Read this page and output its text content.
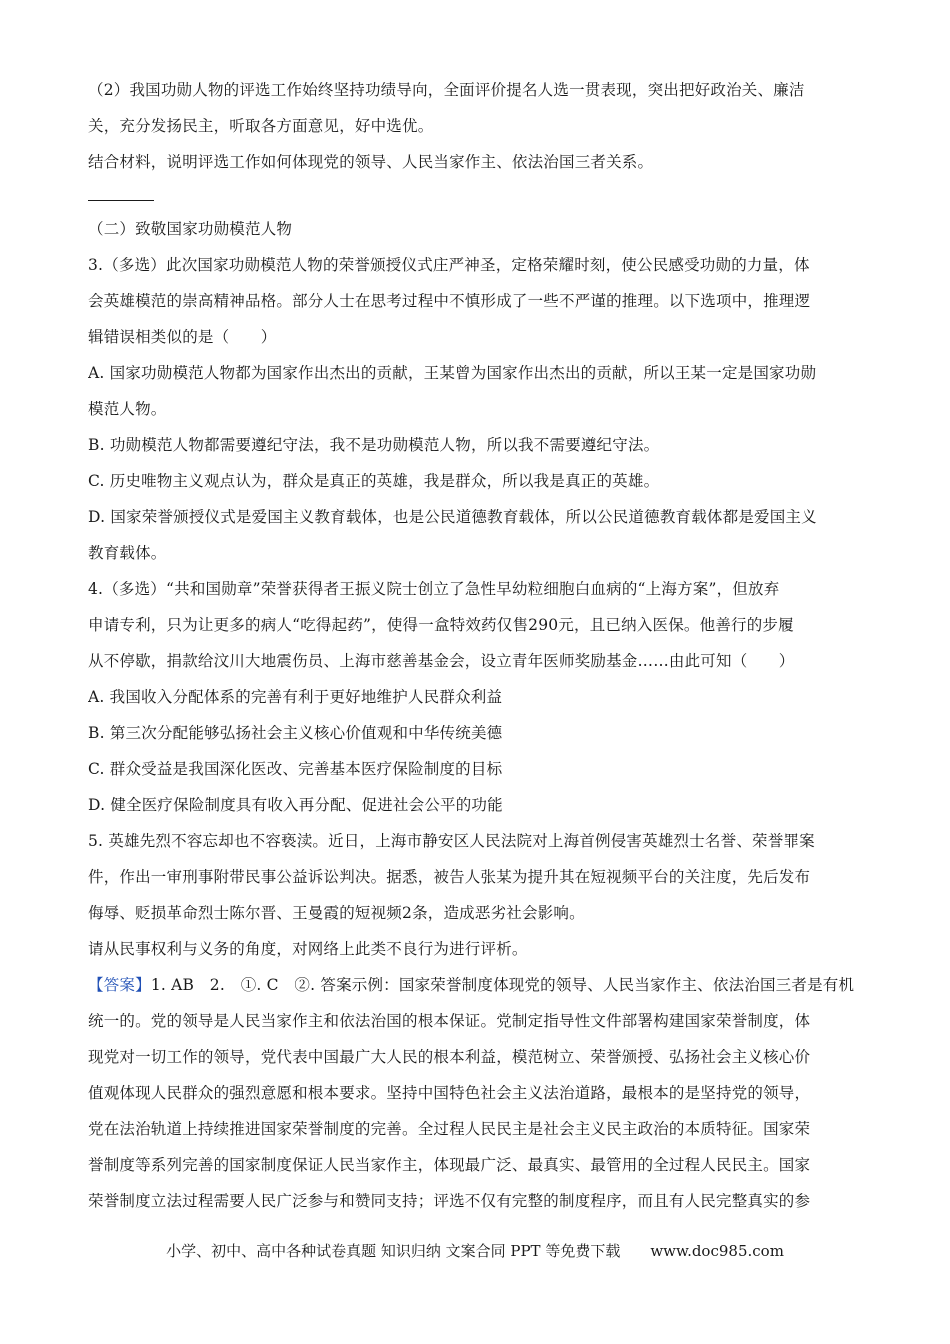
（2）我国功勋人物的评选工作始终坚持功绩导向，全面评价提名人选一贯表现，突出把好政治关、廉洁
关，充分发扬民主，听取各方面意见，好中选优。
结合材料，说明评选工作如何体现党的领导、人民当家作主、依法治国三者关系。
（二）致敬国家功勋模范人物
3.（多选）此次国家功勋模范人物的荣誉颁授仪式庄严神圣，定格荣耀时刻，使公民感受功勋的力量，体
会英雄模范的崇高精神品格。部分人士在思考过程中不慎形成了一些不严谨的推理。以下选项中，推理逻
辑错误相类似的是（　　）
A. 国家功勋模范人物都为国家作出杰出的贡献，王某曾为国家作出杰出的贡献，所以王某一定是国家功勋
模范人物。
B. 功勋模范人物都需要遵纪守法，我不是功勋模范人物，所以我不需要遵纪守法。
C. 历史唯物主义观点认为，群众是真正的英雄，我是群众，所以我是真正的英雄。
D. 国家荣誉颁授仪式是爱国主义教育载体，也是公民道德教育载体，所以公民道德教育载体都是爱国主义
教育载体。
4.（多选）“共和国勋章”荣誉获得者王振义院士创立了急性早幼粒细胞白血病的“上海方案”，但放弃
申请专利，只为让更多的病人“吃得起药”，使得一盒特效药仅售290元，且已纳入医保。他善行的步履
从不停歇，捐款给汶川大地震伤员、上海市慈善基金会，设立青年医师奖励基金……由此可知（　　）
A. 我国收入分配体系的完善有利于更好地维护人民群众利益
B. 第三次分配能够弘扬社会主义核心价值观和中华传统美德
C. 群众受益是我国深化医改、完善基本医疗保险制度的目标
D. 健全医疗保险制度具有收入再分配、促进社会公平的功能
5. 英雄先烈不容忘却也不容亵渎。近日，上海市静安区人民法院对上海首例侵害英雄烈士名誉、荣誉罪案
件，作出一审刑事附带民事公益诉讼判决。据悉，被告人张某为提升其在短视频平台的关注度，先后发布
侮辱、贬损革命烈士陈尔晋、王曼霞的短视频2条，造成恶劣社会影响。
请从民事权利与义务的角度，对网络上此类不良行为进行评析。
【答案】1. AB　2.　①. C　②. 答案示例：国家荣誉制度体现党的领导、人民当家作主、依法治国三者是有机
统一的。党的领导是人民当家作主和依法治国的根本保证。党制定指导性文件部署构建国家荣誉制度，体
现党对一切工作的领导，党代表中国最广大人民的根本利益，模范树立、荣誉颁授、弘扬社会主义核心价
值观体现人民群众的强烈意愿和根本要求。坚持中国特色社会主义法治道路，最根本的是坚持党的领导，
党在法治轨道上持续推进国家荣誉制度的完善。全过程人民民主是社会主义民主政治的本质特征。国家荣
誉制度等系列完善的国家制度保证人民当家作主，体现最广泛、最真实、最管用的全过程人民民主。国家
荣誉制度立法过程需要人民广泛参与和赞同支持；评选不仅有完整的制度程序，而且有人民完整真实的参
小学、初中、高中各种试卷真题 知识归纳 文案合同 PPT 等免费下载　　www.doc985.com
